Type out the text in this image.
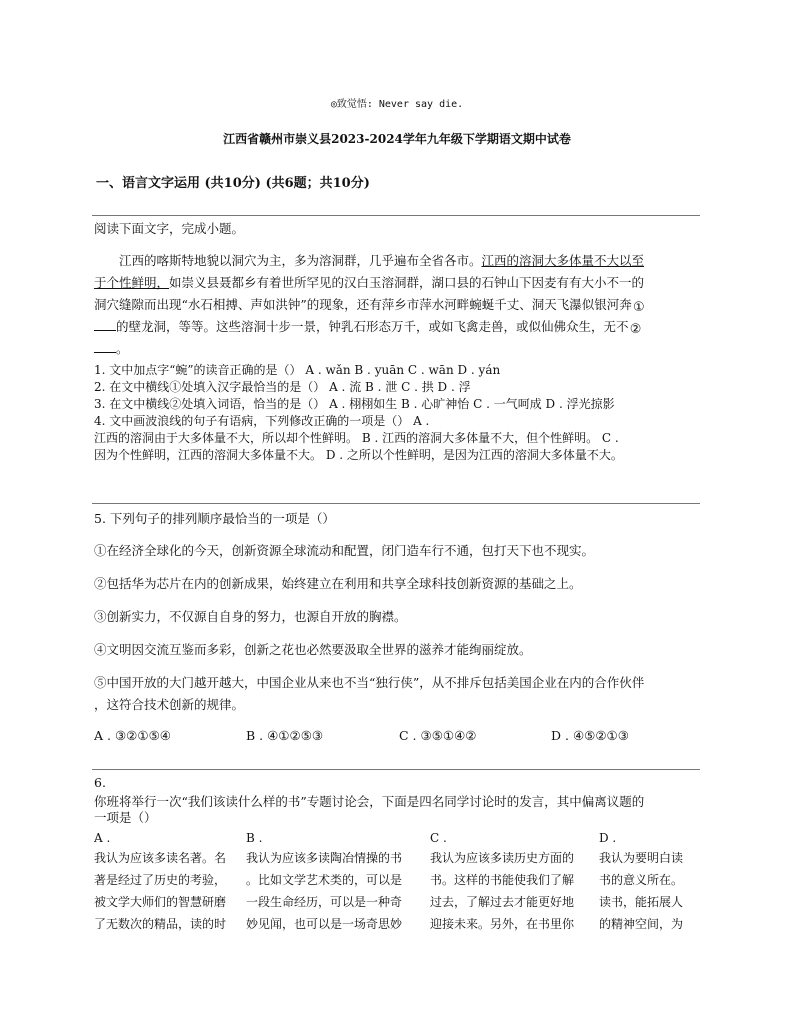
◎致觉悟: Never say die.
江西省赣州市崇义县2023-2024学年九年级下学期语文期中试卷
一、语言文字运用 (共10分) (共6题；共10分)
阅读下面文字，完成小题。
江西的喀斯特地貌以洞穴为主，多为溶洞群，几乎遍布全省各市。江西的溶洞大多体量不大以至
于个性鲜明，如崇义县聂都乡有着世所罕见的汉白玉溶洞群，湖口县的石钟山下因麦有有大小不一的
洞穴缝隙而出现“水石相搏、声如洪钟”的现象，还有萍乡市萍水河畔蜿蜒千丈、洞天飞瀑似银河奔①
的壁龙洞，等等。这些溶洞十步一景，钟乳石形态万千，或如飞禽走兽，或似仙佛众生，无不②
。
1. 文中加点字“蜿”的读音正确的是（） A . wǎn B . yuān C . wān D . yán
2. 在文中横线①处填入汉字最恰当的是（） A . 流 B . 泄 C . 拱 D . 浮
3. 在文中横线②处填入词语，恰当的是（） A . 栩栩如生 B . 心旷神怡 C . 一气呵成 D . 浮光掠影
4. 文中画波浪线的句子有语病，下列修改正确的一项是（） A .
江西的溶洞由于大多体量不大，所以却个性鲜明。 B . 江西的溶洞大多体量不大，但个性鲜明。 C .
因为个性鲜明，江西的溶洞大多体量不大。 D . 之所以个性鲜明，是因为江西的溶洞大多体量不大。
5. 下列句子的排列顺序最恰当的一项是（）
①在经济全球化的今天，创新资源全球流动和配置，闭门造车行不通，包打天下也不现实。
②包括华为芯片在内的创新成果，始终建立在利用和共享全球科技创新资源的基础之上。
③创新实力，不仅源自自身的努力，也源自开放的胸襟。
④文明因交流互鉴而多彩，创新之花也必然要汲取全世界的滋养才能绚丽绽放。
⑤中国开放的大门越开越大，中国企业从来也不当“独行侠”，从不排斥包括美国企业在内的合作伙伴
，这符合技术创新的规律。
A . ③②①⑤④	B . ④①②⑤③	C . ③⑤①④②	D . ④⑤②①③
6.
你班将举行一次“我们该读什么样的书”专题讨论会，下面是四名同学讨论时的发言，其中偏离议题的
一项是（）
A .	B .	C .	D .
我认为应该多读名著。名
著是经过了历史的考验，
被文学大师们的智慧研磨
了无数次的精品，读的时
我认为应该多读陶冶情操的书
。比如文学艺术类的，可以是
一段生命经历，可以是一种奇
妙见闻，也可以是一场奇思妙
我认为应该多读历史方面的
书。这样的书能使我们了解
过去，了解过去才能更好地
迎接未来。另外，在书里你
我认为要明白读
书的意义所在。
读书，能拓展人
的精神空间，为
